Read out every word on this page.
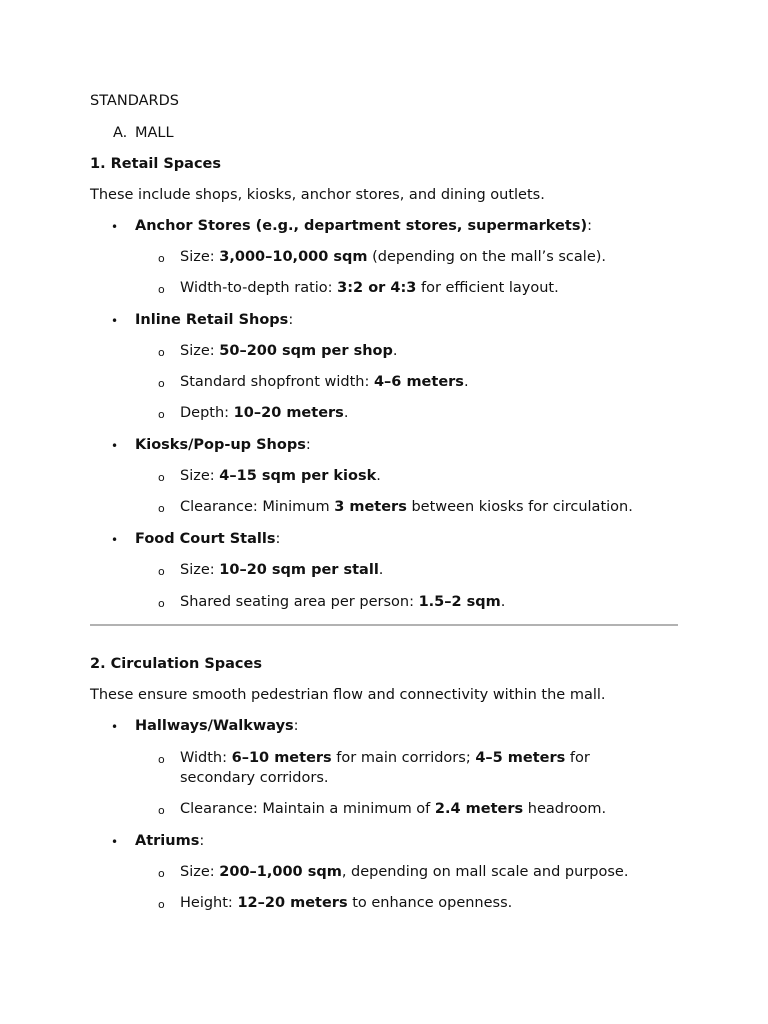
STANDARDS
A. MALL
1. Retail Spaces
These include shops, kiosks, anchor stores, and dining outlets.
• Anchor Stores (e.g., department stores, supermarkets):
o Size: 3,000–10,000 sqm (depending on the mall’s scale).
o Width-to-depth ratio: 3:2 or 4:3 for efficient layout.
• Inline Retail Shops:
o Size: 50–200 sqm per shop.
o Standard shopfront width: 4–6 meters.
o Depth: 10–20 meters.
• Kiosks/Pop-up Shops:
o Size: 4–15 sqm per kiosk.
o Clearance: Minimum 3 meters between kiosks for circulation.
• Food Court Stalls:
o Size: 10–20 sqm per stall.
o Shared seating area per person: 1.5–2 sqm.
2. Circulation Spaces
These ensure smooth pedestrian flow and connectivity within the mall.
• Hallways/Walkways:
o Width: 6–10 meters for main corridors; 4–5 meters for
secondary corridors.
o Clearance: Maintain a minimum of 2.4 meters headroom.
• Atriums:
o Size: 200–1,000 sqm, depending on mall scale and purpose.
o Height: 12–20 meters to enhance openness.
